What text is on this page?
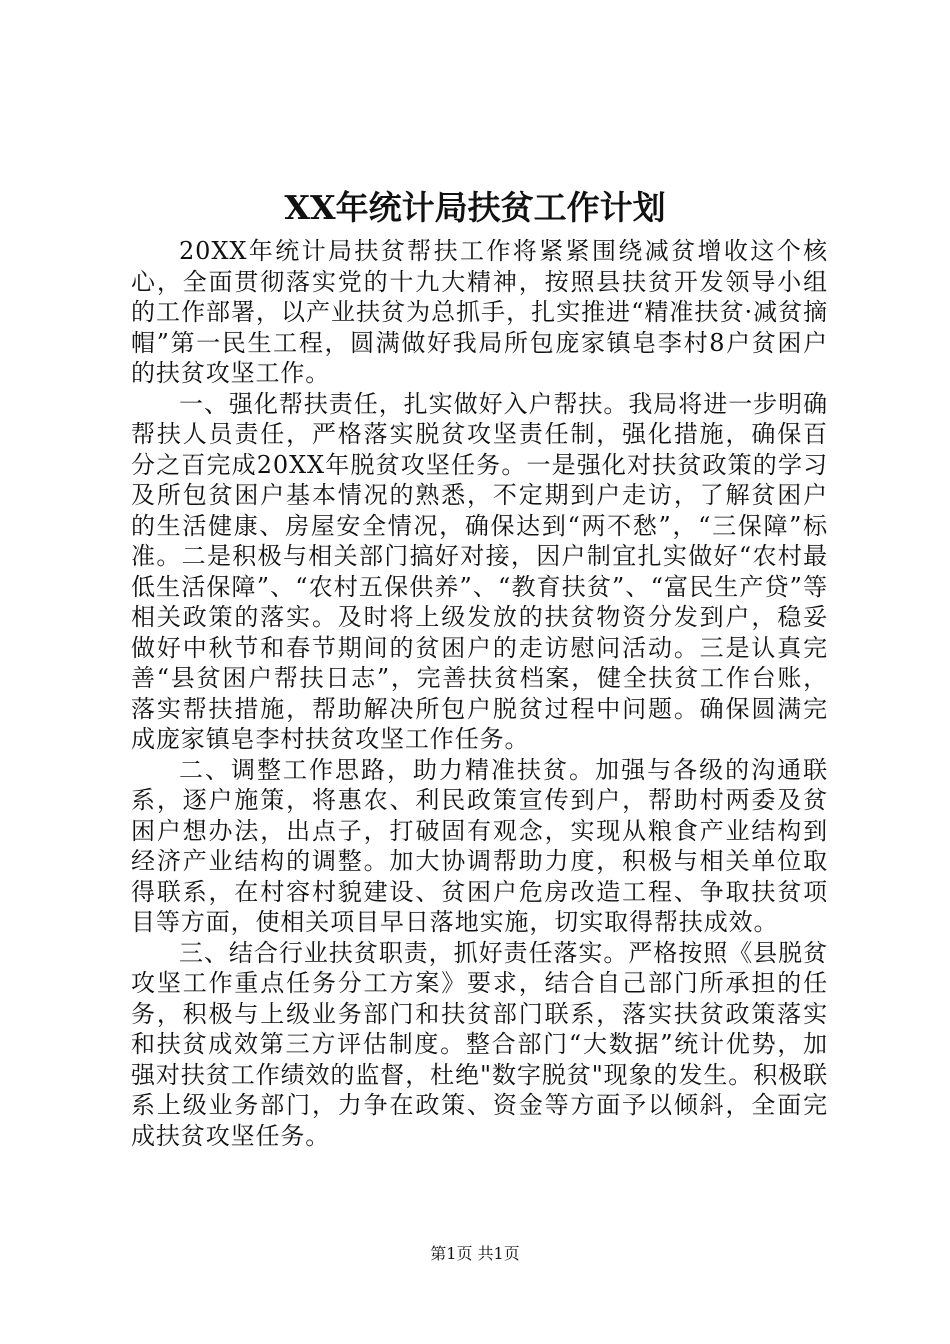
XX年统计局扶贫工作计划

20XX年统计局扶贫帮扶工作将紧紧围绕减贫增收这个核心，全面贯彻落实党的十九大精神，按照县扶贫开发领导小组的工作部署，以产业扶贫为总抓手，扎实推进“精准扶贫·减贫摘帽”第一民生工程，圆满做好我局所包庞家镇皂李村8户贫困户的扶贫攻坚工作。

一、强化帮扶责任，扎实做好入户帮扶。我局将进一步明确帮扶人员责任，严格落实脱贫攻坚责任制，强化措施，确保百分之百完成20XX年脱贫攻坚任务。一是强化对扶贫政策的学习及所包贫困户基本情况的熟悉，不定期到户走访，了解贫困户的生活健康、房屋安全情况，确保达到“两不愁”，“三保障”标准。二是积极与相关部门搞好对接，因户制宜扎实做好“农村最低生活保障”、“农村五保供养”、“教育扶贫”、“富民生产贷”等相关政策的落实。及时将上级发放的扶贫物资分发到户，稳妥做好中秋节和春节期间的贫困户的走访慰问活动。三是认真完善“县贫困户帮扶日志”，完善扶贫档案，健全扶贫工作台账，落实帮扶措施，帮助解决所包户脱贫过程中问题。确保圆满完成庞家镇皂李村扶贫攻坚工作任务。

二、调整工作思路，助力精准扶贫。加强与各级的沟通联系，逐户施策，将惠农、利民政策宣传到户，帮助村两委及贫困户想办法，出点子，打破固有观念，实现从粮食产业结构到经济产业结构的调整。加大协调帮助力度，积极与相关单位取得联系，在村容村貌建设、贫困户危房改造工程、争取扶贫项目等方面，使相关项目早日落地实施，切实取得帮扶成效。

三、结合行业扶贫职责，抓好责任落实。严格按照《县脱贫攻坚工作重点任务分工方案》要求，结合自己部门所承担的任务，积极与上级业务部门和扶贫部门联系，落实扶贫政策落实和扶贫成效第三方评估制度。整合部门“大数据”统计优势，加强对扶贫工作绩效的监督，杜绝"数字脱贫"现象的发生。积极联系上级业务部门，力争在政策、资金等方面予以倾斜，全面完成扶贫攻坚任务。

第1页 共1页
